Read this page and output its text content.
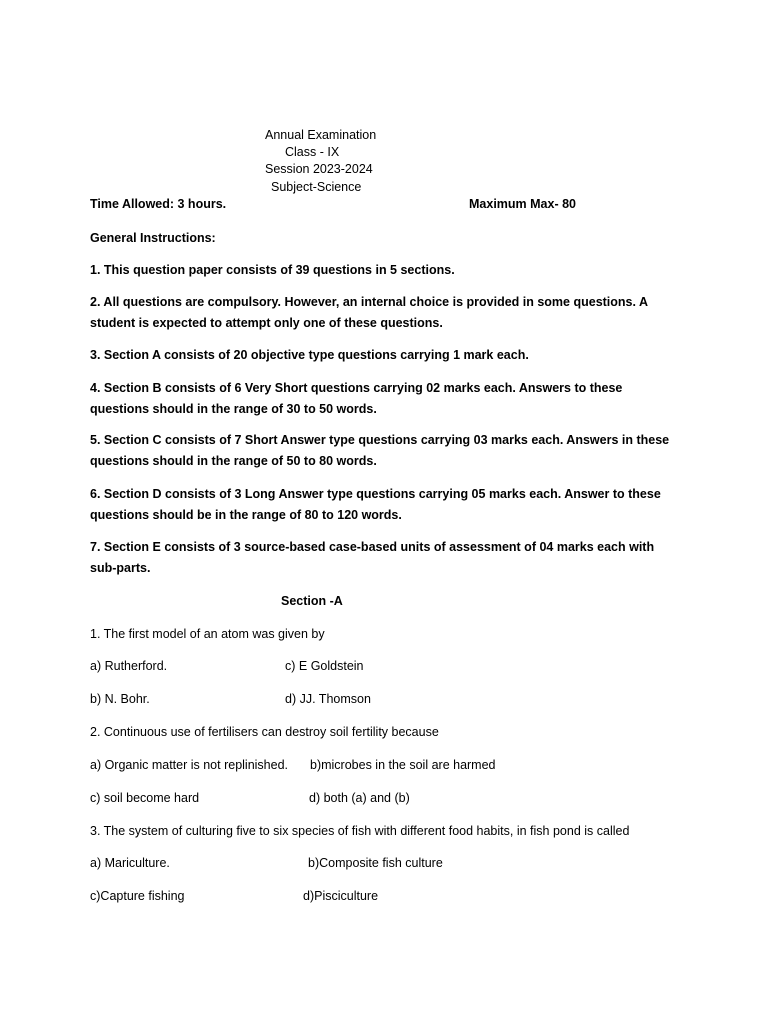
Annual Examination
Class - IX
Session 2023-2024
Subject-Science
Time Allowed: 3 hours.	Maximum Max- 80
General Instructions:
1. This question paper consists of 39 questions in 5 sections.
2. All questions are compulsory. However, an internal choice is provided in some questions. A student is expected to attempt only one of these questions.
3. Section A consists of 20 objective type questions carrying 1 mark each.
4. Section B consists of 6 Very Short questions carrying 02 marks each. Answers to these questions should in the range of 30 to 50 words.
5. Section C consists of 7 Short Answer type questions carrying 03 marks each. Answers in these questions should in the range of 50 to 80 words.
6. Section D consists of 3 Long Answer type questions carrying 05 marks each. Answer to these questions should be in the range of 80 to 120 words.
7. Section E consists of 3 source-based case-based units of assessment of 04 marks each with sub-parts.
Section -A
1. The first model of an atom was given by
a) Rutherford.	c) E Goldstein
b) N. Bohr.	d) JJ. Thomson
2. Continuous use of fertilisers can destroy soil fertility because
a) Organic matter is not replinished. b)microbes in the soil are harmed
c) soil become hard	d) both (a) and (b)
3. The system of culturing five to six species of fish with different food habits, in fish pond is called
a) Mariculture.	b)Composite fish culture
c)Capture fishing	d)Pisciculture
